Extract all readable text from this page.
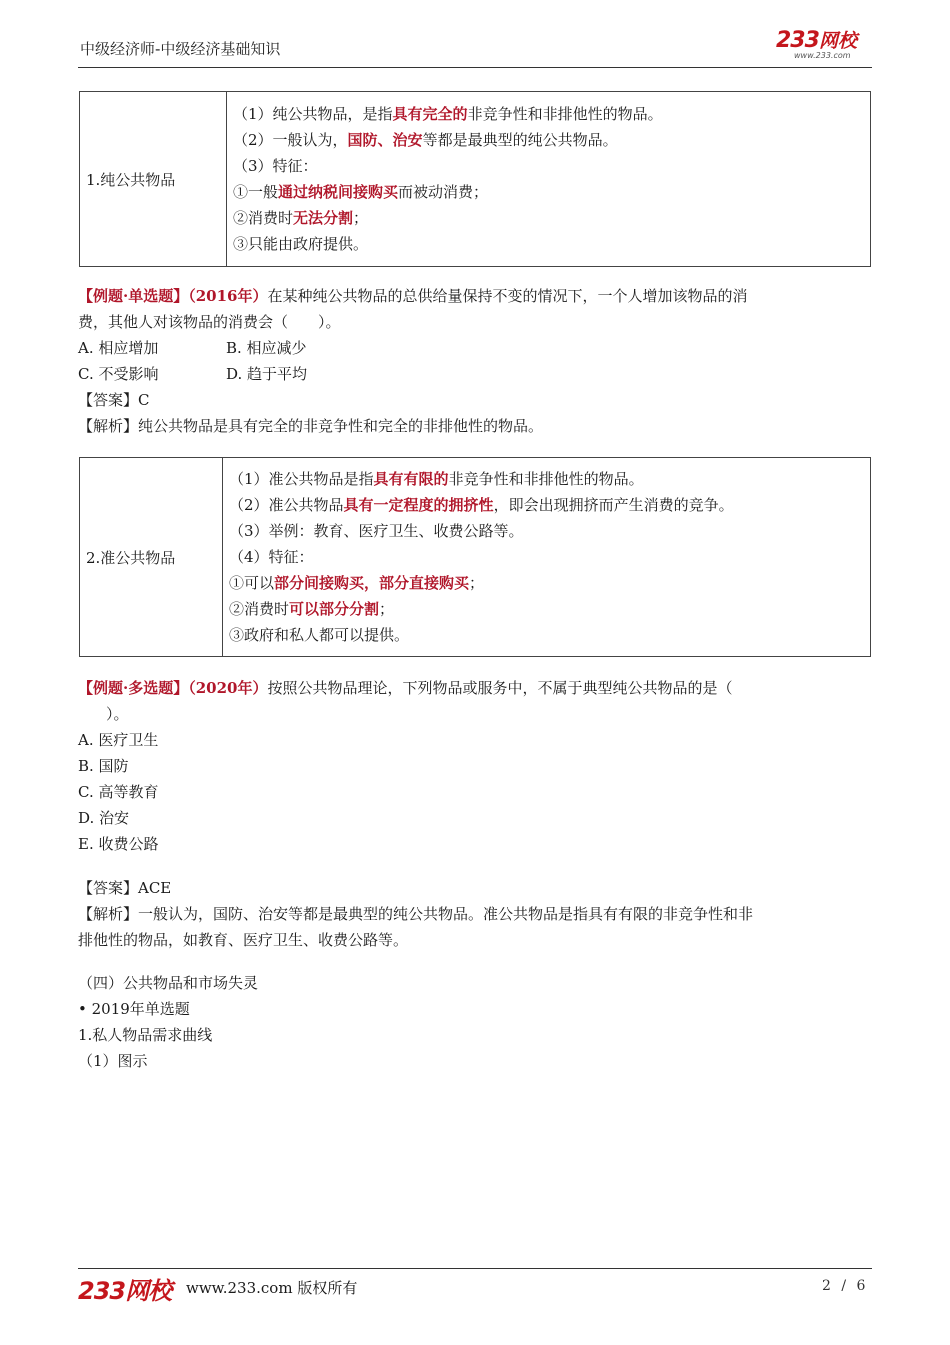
中级经济师-中级经济基础知识	233网校
www.233.com
1.纯公共物品	
（1）纯公共物品，是指具有完全的非竞争性和非排他性的物品。
（2）一般认为，国防、治安等都是最典型的纯公共物品。
（3）特征：
①一般通过纳税间接购买而被动消费；
②消费时无法分割；
③只能由政府提供。
【例题·单选题】（2016年）在某种纯公共物品的总供给量保持不变的情况下，一个人增加该物品的消
费，其他人对该物品的消费会（　　）。
A. 相应增加	B. 相应减少
C. 不受影响	D. 趋于平均
【答案】C
【解析】纯公共物品是具有完全的非竞争性和完全的非排他性的物品。
2.准公共物品	
（1）准公共物品是指具有有限的非竞争性和非排他性的物品。
（2）准公共物品具有一定程度的拥挤性，即会出现拥挤而产生消费的竞争。
（3）举例：教育、医疗卫生、收费公路等。
（4）特征：
①可以部分间接购买，部分直接购买；
②消费时可以部分分割；
③政府和私人都可以提供。
【例题·多选题】（2020年）按照公共物品理论，下列物品或服务中，不属于典型纯公共物品的是（
）。
A. 医疗卫生
B. 国防
C. 高等教育
D. 治安
E. 收费公路
【答案】ACE
【解析】一般认为，国防、治安等都是最典型的纯公共物品。准公共物品是指具有有限的非竞争性和非
排他性的物品，如教育、医疗卫生、收费公路等。
（四）公共物品和市场失灵
• 2019年单选题
1.私人物品需求曲线
（1）图示
233网校 www.233.com 版权所有	2 / 6
